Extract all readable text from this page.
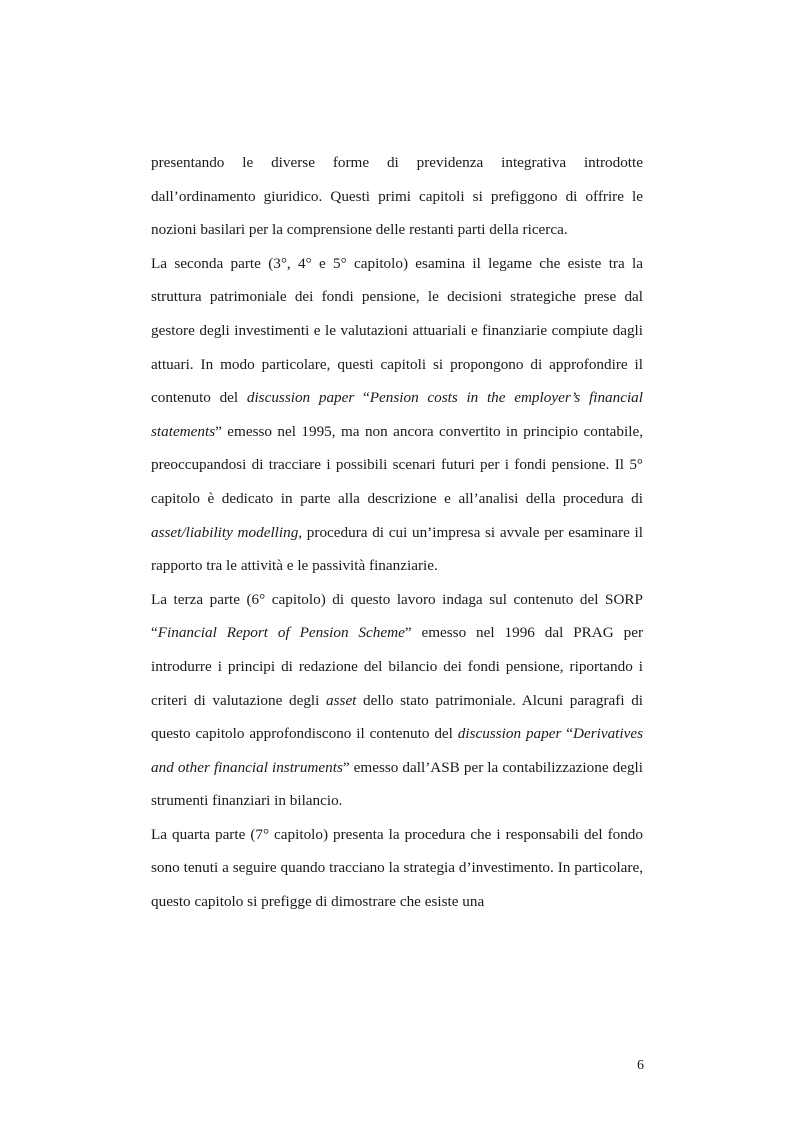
presentando le diverse forme di previdenza integrativa introdotte dall’ordinamento giuridico. Questi primi capitoli si prefiggono di offrire le nozioni basilari per la comprensione delle restanti parti della ricerca.

La seconda parte (3°, 4° e 5° capitolo) esamina il legame che esiste tra la struttura patrimoniale dei fondi pensione, le decisioni strategiche prese dal gestore degli investimenti e le valutazioni attuariali e finanziarie compiute dagli attuari. In modo particolare, questi capitoli si propongono di approfondire il contenuto del discussion paper “Pension costs in the employer’s financial statements” emesso nel 1995, ma non ancora convertito in principio contabile, preoccupandosi di tracciare i possibili scenari futuri per i fondi pensione. Il 5° capitolo è dedicato in parte alla descrizione e all’analisi della procedura di asset/liability modelling, procedura di cui un’impresa si avvale per esaminare il rapporto tra le attività e le passività finanziarie.

La terza parte (6° capitolo) di questo lavoro indaga sul contenuto del SORP “Financial Report of Pension Scheme” emesso nel 1996 dal PRAG per introdurre i principi di redazione del bilancio dei fondi pensione, riportando i criteri di valutazione degli asset dello stato patrimoniale. Alcuni paragrafi di questo capitolo approfondiscono il contenuto del discussion paper “Derivatives and other financial instruments” emesso dall’ASB per la contabilizzazione degli strumenti finanziari in bilancio.

La quarta parte (7° capitolo) presenta la procedura che i responsabili del fondo sono tenuti a seguire quando tracciano la strategia d’investimento. In particolare, questo capitolo si prefigge di dimostrare che esiste una

6
